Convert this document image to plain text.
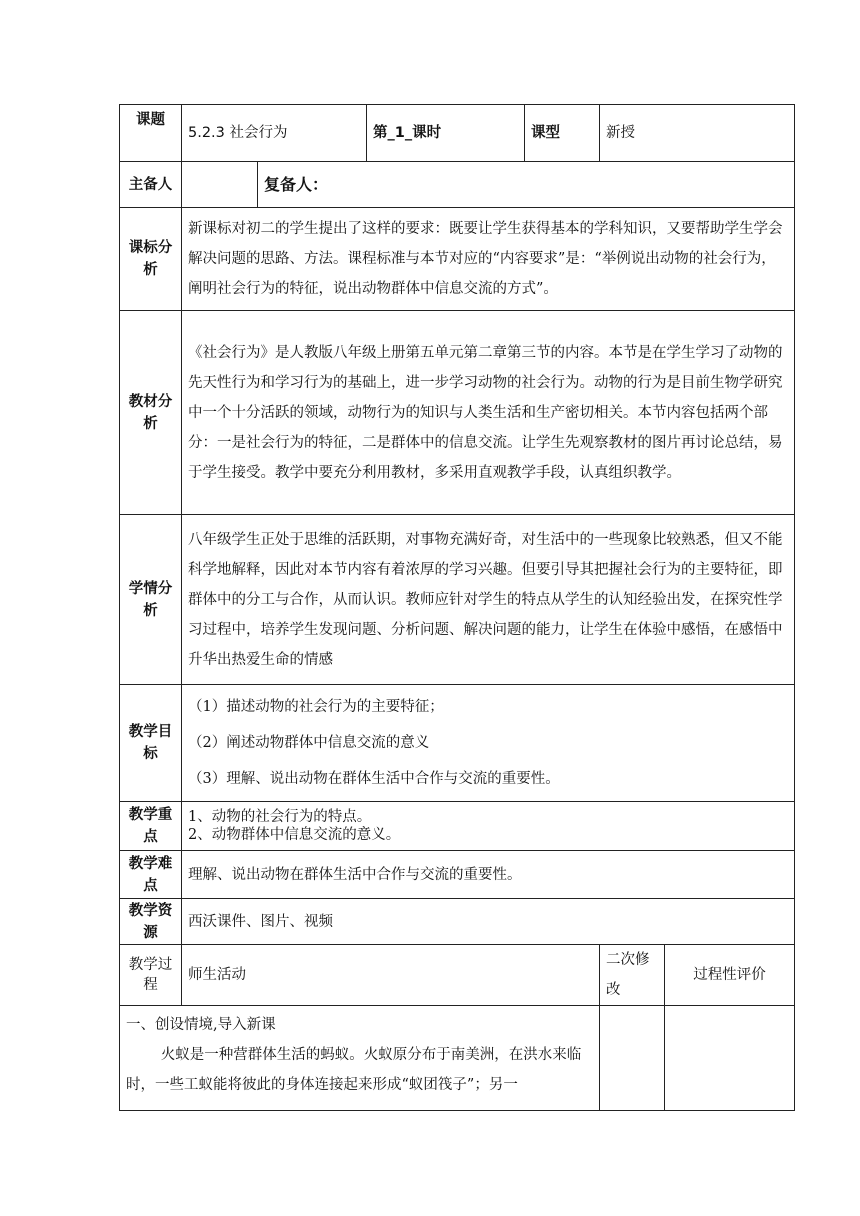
课题	5.2.3 社会行为		第_1_课时	课型	新授	
主备人		复备人：				
课标分析	新课标对初二的学生提出了这样的要求：既要让学生获得基本的学科知识，又要帮助学生学会解决问题的思路、方法。课程标准与本节对应的“内容要求”是：“举例说出动物的社会行为，阐明社会行为的特征，说出动物群体中信息交流的方式”。					
教材分析	《社会行为》是人教版八年级上册第五单元第二章第三节的内容。本节是在学生学习了动物的先天性行为和学习行为的基础上，进一步学习动物的社会行为。动物的行为是目前生物学研究中一个十分活跃的领域，动物行为的知识与人类生活和生产密切相关。本节内容包括两个部分：一是社会行为的特征，二是群体中的信息交流。让学生先观察教材的图片再讨论总结，易于学生接受。教学中要充分利用教材，多采用直观教学手段，认真组织教学。					
学情分析	八年级学生正处于思维的活跃期，对事物充满好奇，对生活中的一些现象比较熟悉，但又不能科学地解释，因此对本节内容有着浓厚的学习兴趣。但要引导其把握社会行为的主要特征，即群体中的分工与合作，从而认识。教师应针对学生的特点从学生的认知经验出发，在探究性学习过程中，培养学生发现问题、分析问题、解决问题的能力，让学生在体验中感悟，在感悟中升华出热爱生命的情感					
教学目标	（1）描述动物的社会行为的主要特征；
（2）阐述动物群体中信息交流的意义
（3）理解、说出动物在群体生活中合作与交流的重要性。					

教学重点	1、动物的社会行为的特点。
2、动物群体中信息交流的意义。					

教学难点	理解、说出动物在群体生活中合作与交流的重要性。					
教学资源	西沃课件、图片、视频					
教学过程	师生活动				二次修改	过程性评价

一、创设情境,导入新课
火蚁是一种营群体生活的蚂蚁。火蚁原分布于南美洲，在洪水来临时，一些工蚁能将彼此的身体连接起来形成“蚁团筏子”；另一						
